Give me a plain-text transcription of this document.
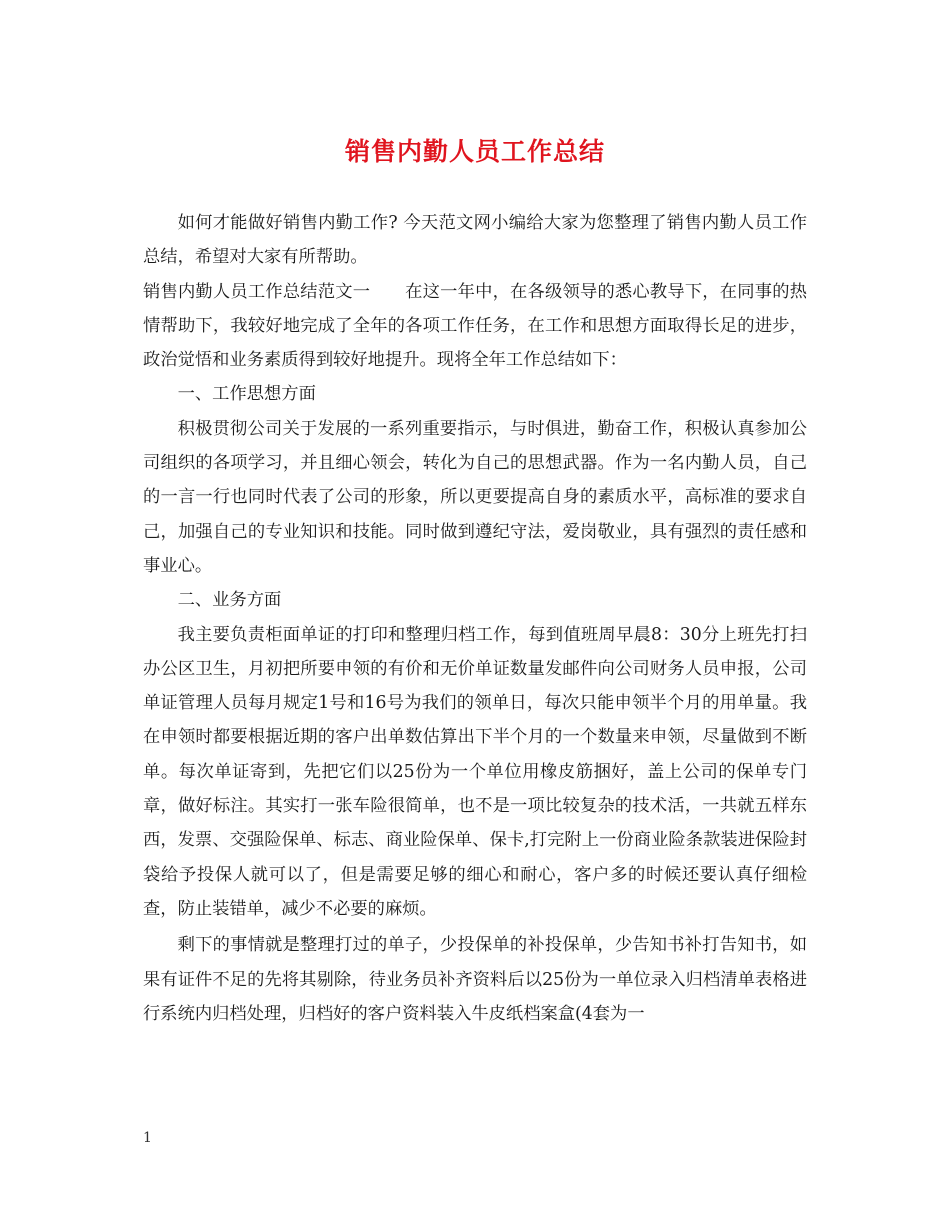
销售内勤人员工作总结

如何才能做好销售内勤工作? 今天范文网小编给大家为您整理了销售内勤人员工作总结，希望对大家有所帮助。

销售内勤人员工作总结范文一　　在这一年中，在各级领导的悉心教导下，在同事的热情帮助下，我较好地完成了全年的各项工作任务，在工作和思想方面取得长足的进步，政治觉悟和业务素质得到较好地提升。现将全年工作总结如下：

一、工作思想方面

积极贯彻公司关于发展的一系列重要指示，与时俱进，勤奋工作，积极认真参加公司组织的各项学习，并且细心领会，转化为自己的思想武器。作为一名内勤人员，自己的一言一行也同时代表了公司的形象，所以更要提高自身的素质水平，高标准的要求自己，加强自己的专业知识和技能。同时做到遵纪守法，爱岗敬业，具有强烈的责任感和事业心。

二、业务方面

我主要负责柜面单证的打印和整理归档工作，每到值班周早晨8：30分上班先打扫办公区卫生，月初把所要申领的有价和无价单证数量发邮件向公司财务人员申报，公司单证管理人员每月规定1号和16号为我们的领单日，每次只能申领半个月的用单量。我在申领时都要根据近期的客户出单数估算出下半个月的一个数量来申领，尽量做到不断单。每次单证寄到，先把它们以25份为一个单位用橡皮筋捆好，盖上公司的保单专门章，做好标注。其实打一张车险很简单，也不是一项比较复杂的技术活，一共就五样东西，发票、交强险保单、标志、商业险保单、保卡,打完附上一份商业险条款装进保险封袋给予投保人就可以了，但是需要足够的细心和耐心，客户多的时候还要认真仔细检查，防止装错单，减少不必要的麻烦。

剩下的事情就是整理打过的单子，少投保单的补投保单，少告知书补打告知书，如果有证件不足的先将其剔除，待业务员补齐资料后以25份为一单位录入归档清单表格进行系统内归档处理，归档好的客户资料装入牛皮纸档案盒(4套为一

1
